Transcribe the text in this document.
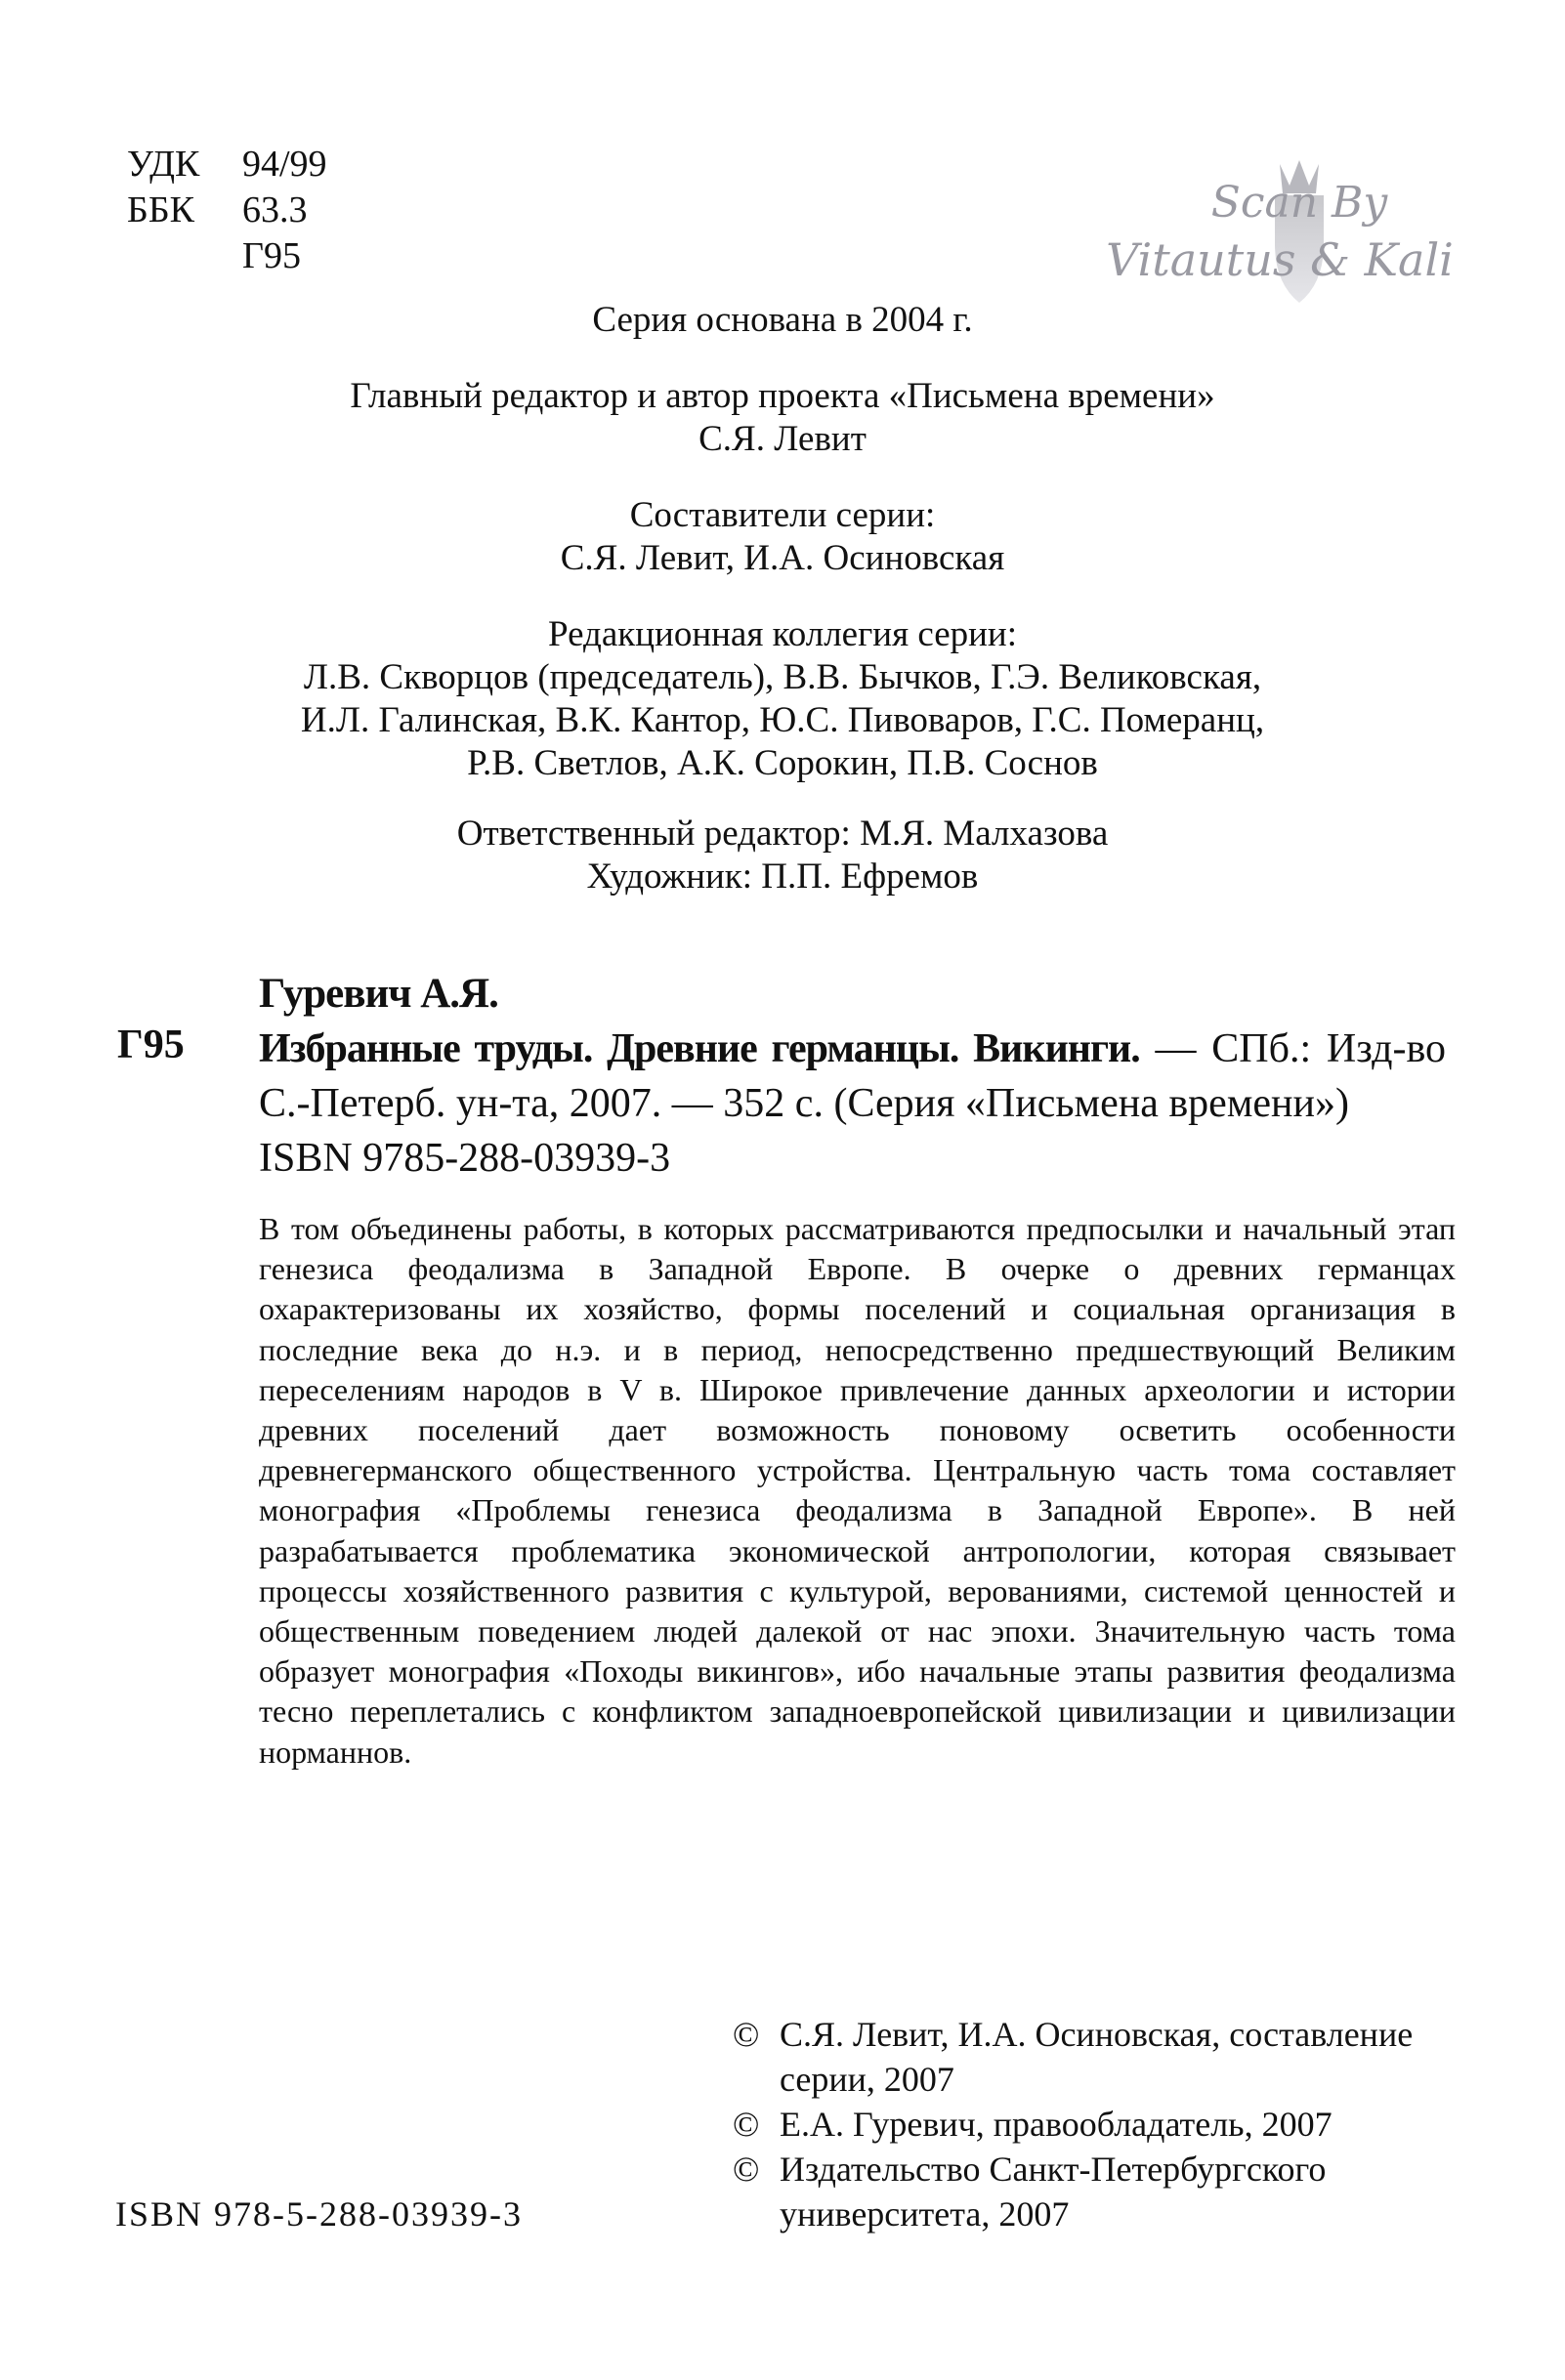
УДК	94/99
ББК	63.3
Г95
Scan By
Vitautus & Kali
Серия основана в 2004 г.
Главный редактор и автор проекта «Письмена времени»
С.Я. Левит
Составители серии:
С.Я. Левит, И.А. Осиновская
Редакционная коллегия серии:
Л.В. Скворцов (председатель), В.В. Бычков, Г.Э. Великовская,
И.Л. Галинская, В.К. Кантор, Ю.С. Пивоваров, Г.С. Померанц,
Р.В. Светлов, А.К. Сорокин, П.В. Соснов
Ответственный редактор: М.Я. Малхазова
Художник: П.П. Ефремов
Гуревич А.Я.
Г95 Избранные труды. Древние германцы. Викинги. — СПб.: Изд-во С.-Петерб. ун-та, 2007. — 352 с. (Серия «Письмена времени»)
ISBN 9785-288-03939-3
В том объединены работы, в которых рассматриваются предпосылки и начальный этап генезиса феодализма в Западной Европе. В очерке о древних германцах охарактеризованы их хозяйство, формы поселений и социальная организация в последние века до н.э. и в период, непосредственно предшествующий Великим переселениям народов в V в. Широкое привлечение данных археологии и истории древних поселений дает возможность поновому осветить особенности древнегерманского общественного устройства. Центральную часть тома составляет монография «Проблемы генезиса феодализма в Западной Европе». В ней разрабатывается проблематика экономической антропологии, которая связывает процессы хозяйственного развития с культурой, верованиями, системой ценностей и общественным поведением людей далекой от нас эпохи. Значительную часть тома образует монография «Походы викингов», ибо начальные этапы развития феодализма тесно переплетались с конфликтом западноевропейской цивилизации и цивилизации норманнов.
© С.Я. Левит, И.А. Осиновская, составление серии, 2007
© Е.А. Гуревич, правообладатель, 2007
© Издательство Санкт-Петербургского университета, 2007
ISBN 978-5-288-03939-3
